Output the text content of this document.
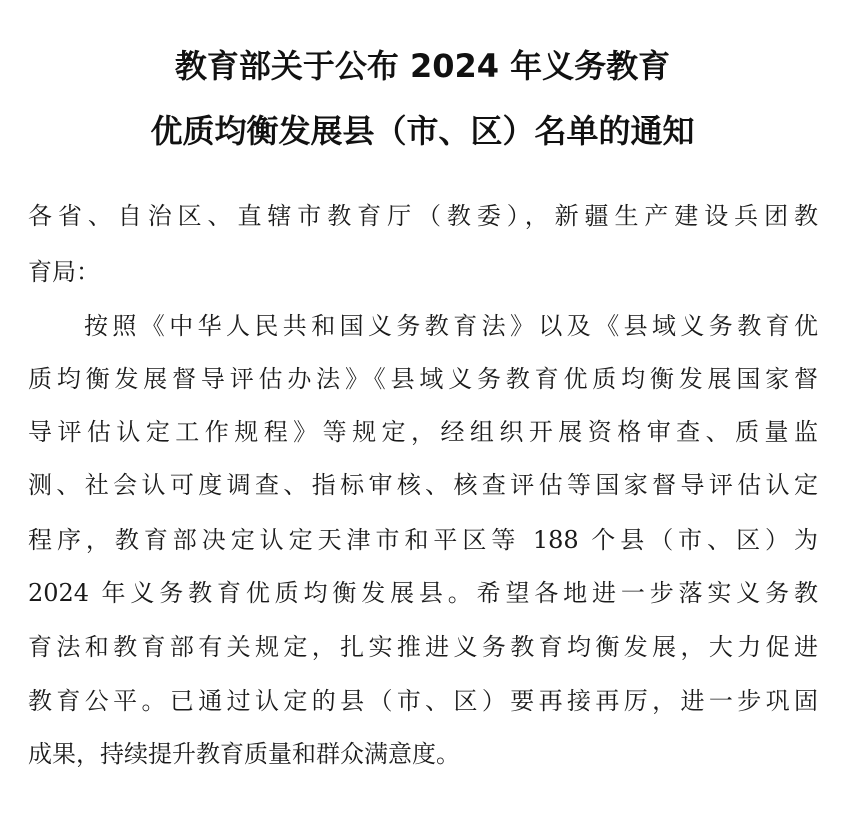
教育部关于公布 2024 年义务教育
优质均衡发展县（市、区）名单的通知
各省、自治区、直辖市教育厅（教委），新疆生产建设兵团教
育局：
按照《中华人民共和国义务教育法》以及《县域义务教育优
质均衡发展督导评估办法》《县域义务教育优质均衡发展国家督
导评估认定工作规程》等规定，经组织开展资格审查、质量监
测、社会认可度调查、指标审核、核查评估等国家督导评估认定
程序，教育部决定认定天津市和平区等 188 个县（市、区）为
2024 年义务教育优质均衡发展县。希望各地进一步落实义务教
育法和教育部有关规定，扎实推进义务教育均衡发展，大力促进
教育公平。已通过认定的县（市、区）要再接再厉，进一步巩固
成果，持续提升教育质量和群众满意度。
